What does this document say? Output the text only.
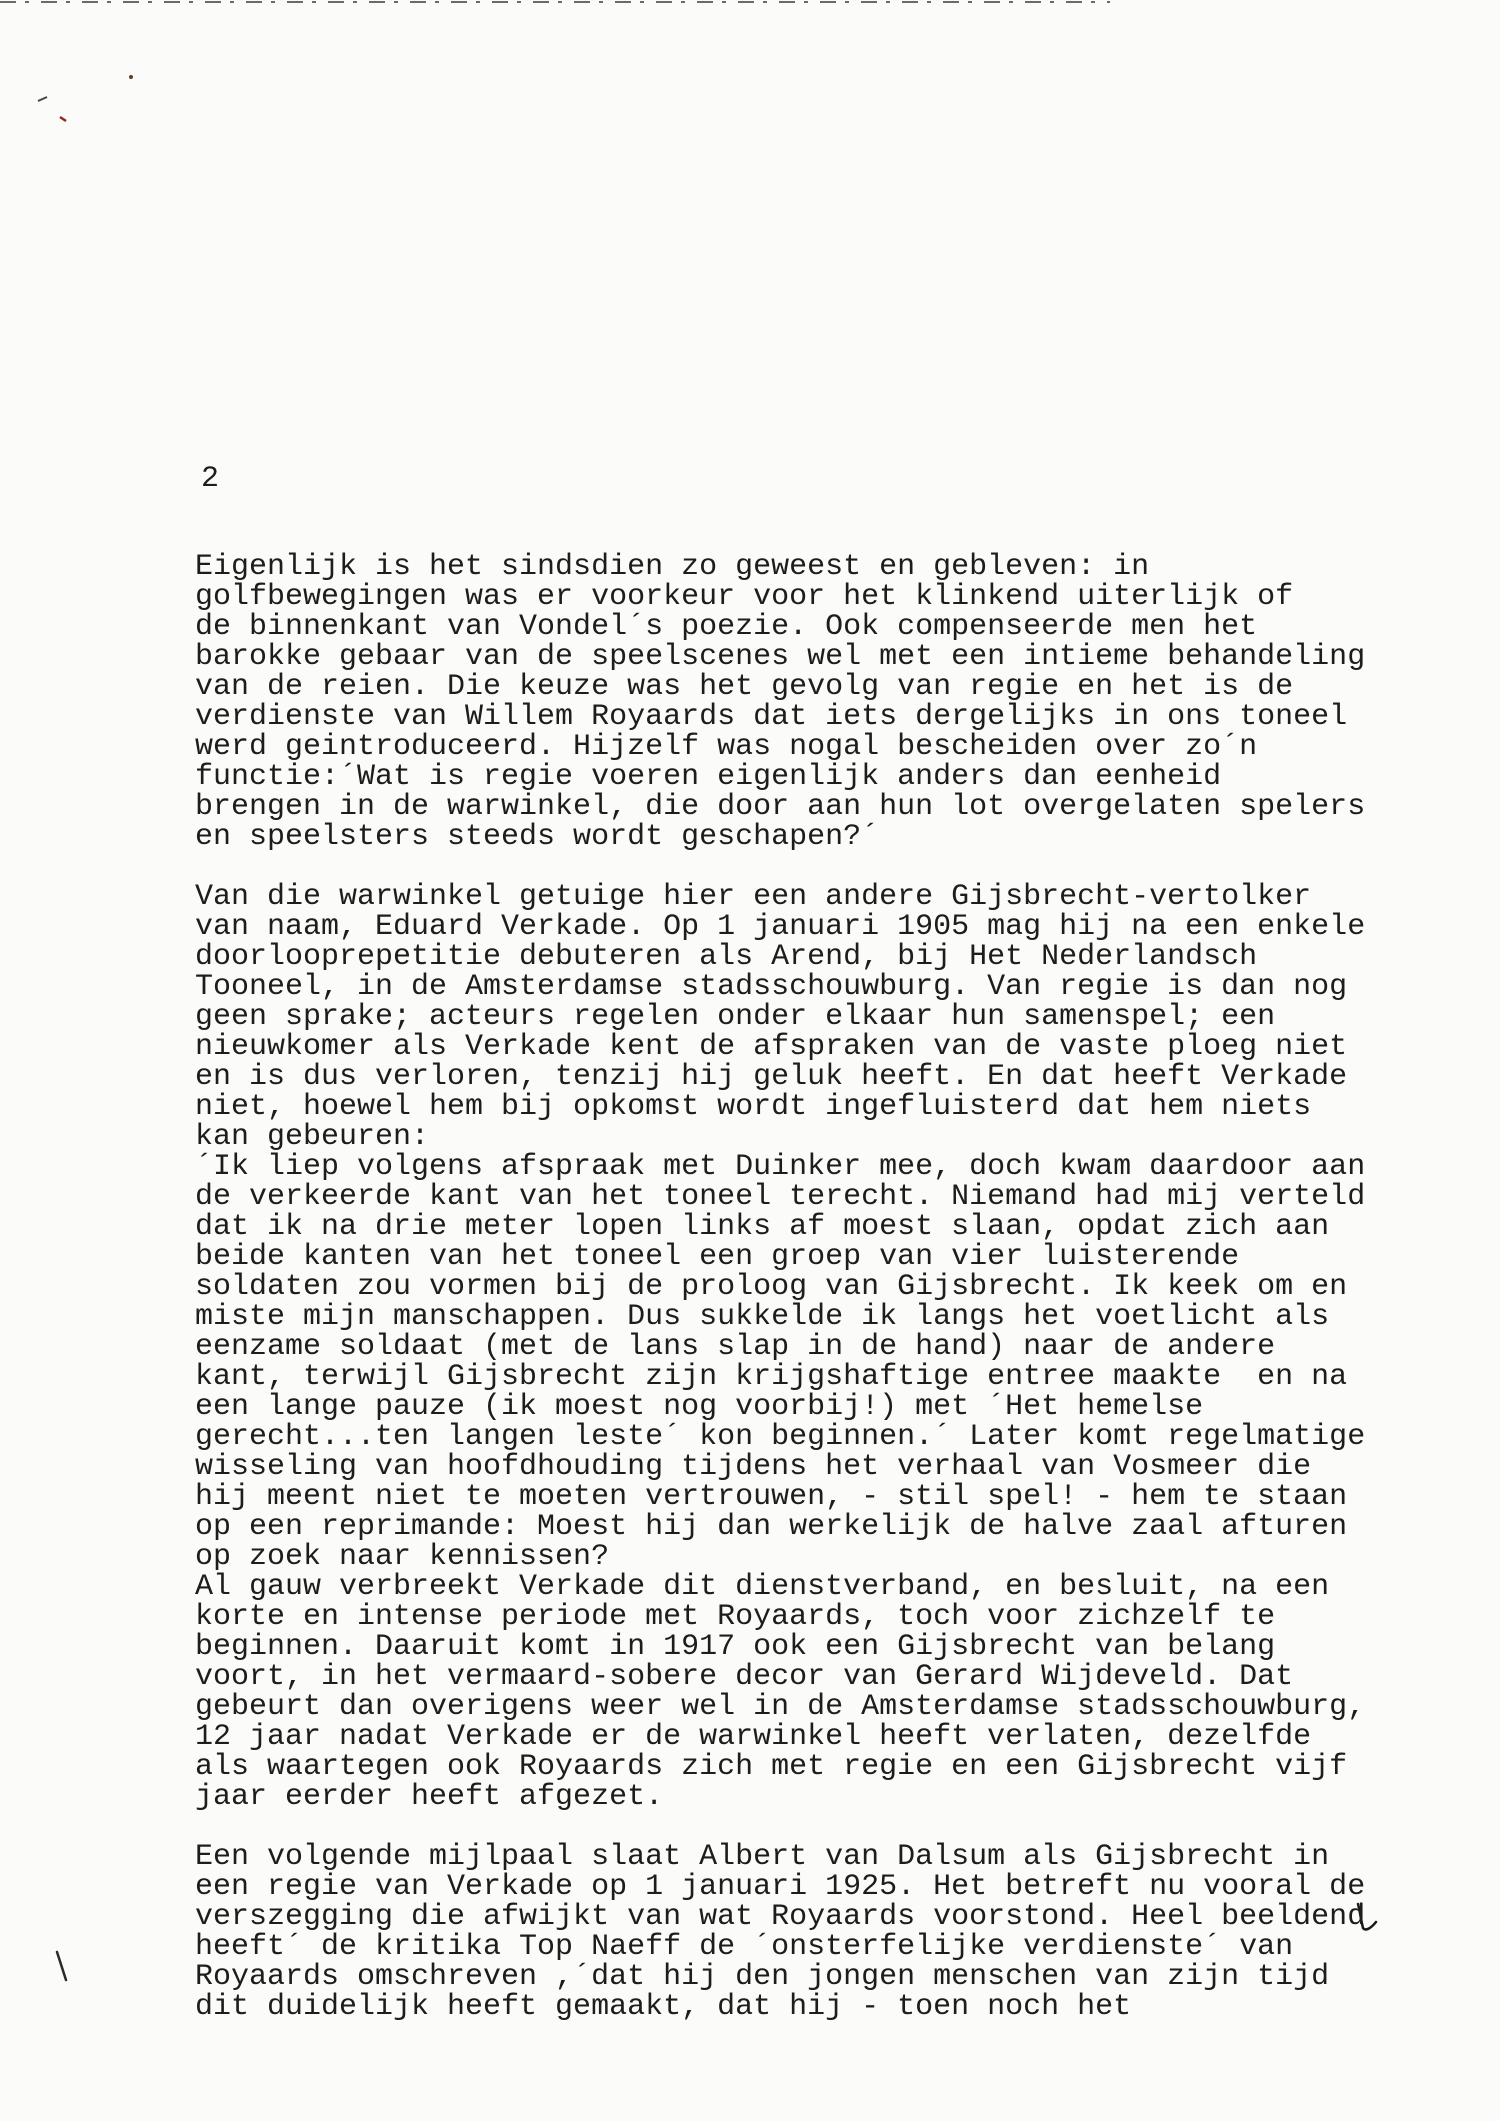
2
Eigenlijk is het sindsdien zo geweest en gebleven: in
golfbewegingen was er voorkeur voor het klinkend uiterlijk of
de binnenkant van Vondel´s poezie. Ook compenseerde men het
barokke gebaar van de speelscenes wel met een intieme behandeling
van de reien. Die keuze was het gevolg van regie en het is de
verdienste van Willem Royaards dat iets dergelijks in ons toneel
werd geintroduceerd. Hijzelf was nogal bescheiden over zo´n
functie:´Wat is regie voeren eigenlijk anders dan eenheid
brengen in de warwinkel, die door aan hun lot overgelaten spelers
en speelsters steeds wordt geschapen?´
Van die warwinkel getuige hier een andere Gijsbrecht-vertolker
van naam, Eduard Verkade. Op 1 januari 1905 mag hij na een enkele
doorlooprepetitie debuteren als Arend, bij Het Nederlandsch
Tooneel, in de Amsterdamse stadsschouwburg. Van regie is dan nog
geen sprake; acteurs regelen onder elkaar hun samenspel; een
nieuwkomer als Verkade kent de afspraken van de vaste ploeg niet
en is dus verloren, tenzij hij geluk heeft. En dat heeft Verkade
niet, hoewel hem bij opkomst wordt ingefluisterd dat hem niets
kan gebeuren:
´Ik liep volgens afspraak met Duinker mee, doch kwam daardoor aan
de verkeerde kant van het toneel terecht. Niemand had mij verteld
dat ik na drie meter lopen links af moest slaan, opdat zich aan
beide kanten van het toneel een groep van vier luisterende
soldaten zou vormen bij de proloog van Gijsbrecht. Ik keek om en
miste mijn manschappen. Dus sukkelde ik langs het voetlicht als
eenzame soldaat (met de lans slap in de hand) naar de andere
kant, terwijl Gijsbrecht zijn krijgshaftige entree maakte  en na
een lange pauze (ik moest nog voorbij!) met ´Het hemelse
gerecht...ten langen leste´ kon beginnen.´ Later komt regelmatige
wisseling van hoofdhouding tijdens het verhaal van Vosmeer die
hij meent niet te moeten vertrouwen, - stil spel! - hem te staan
op een reprimande: Moest hij dan werkelijk de halve zaal afturen
op zoek naar kennissen?
Al gauw verbreekt Verkade dit dienstverband, en besluit, na een
korte en intense periode met Royaards, toch voor zichzelf te
beginnen. Daaruit komt in 1917 ook een Gijsbrecht van belang
voort, in het vermaard-sobere decor van Gerard Wijdeveld. Dat
gebeurt dan overigens weer wel in de Amsterdamse stadsschouwburg,
12 jaar nadat Verkade er de warwinkel heeft verlaten, dezelfde
als waartegen ook Royaards zich met regie en een Gijsbrecht vijf
jaar eerder heeft afgezet.
Een volgende mijlpaal slaat Albert van Dalsum als Gijsbrecht in
een regie van Verkade op 1 januari 1925. Het betreft nu vooral de
verszegging die afwijkt van wat Royaards voorstond. Heel beeldend
heeft´ de kritika Top Naeff de ´onsterfelijke verdienste´ van
Royaards omschreven ,´dat hij den jongen menschen van zijn tijd
dit duidelijk heeft gemaakt, dat hij - toen noch het
